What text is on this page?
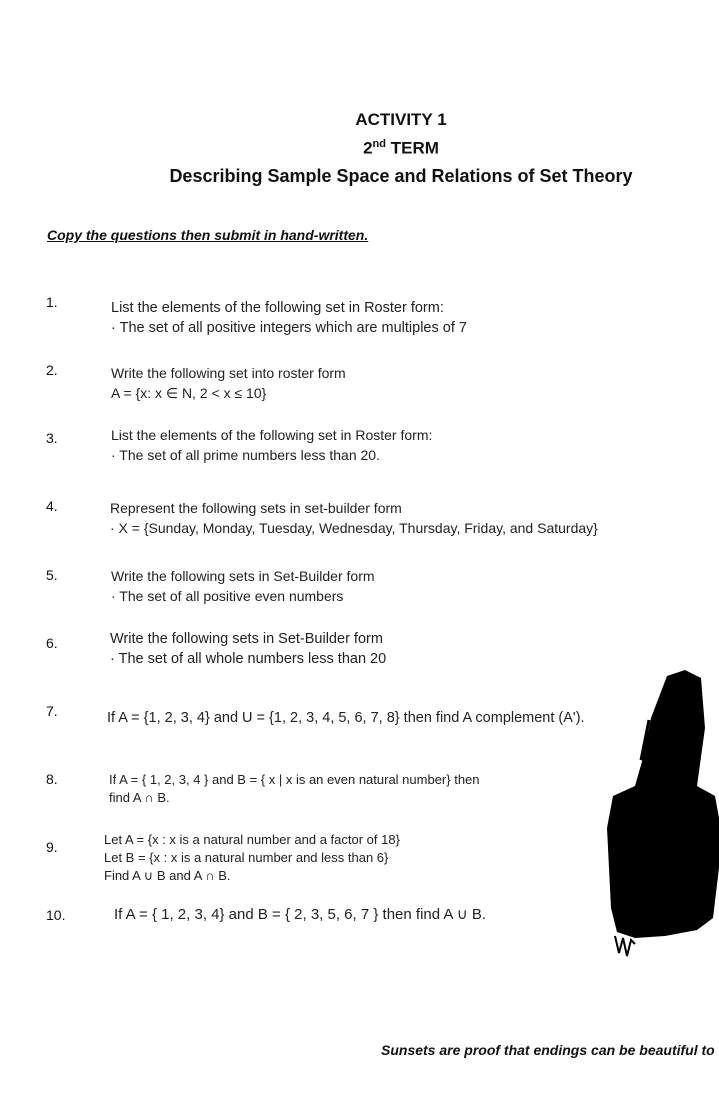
ACTIVITY 1
2nd TERM
Describing Sample Space and Relations of Set Theory
Copy the questions then submit in hand-written.
1.	List the elements of the following set in Roster form:
· The set of all positive integers which are multiples of 7
2.	Write the following set into roster form
A = {x: x ∈ N, 2 < x ≤ 10}
3.	List the elements of the following set in Roster form:
· The set of all prime numbers less than 20.
4.	Represent the following sets in set-builder form
· X = {Sunday, Monday, Tuesday, Wednesday, Thursday, Friday, and Saturday}
5.	Write the following sets in Set-Builder form
· The set of all positive even numbers
6.	Write the following sets in Set-Builder form
· The set of all whole numbers less than 20
7.	If A = {1, 2, 3, 4} and U = {1, 2, 3, 4, 5, 6, 7, 8} then find A complement (A').
8.	If A = { 1, 2, 3, 4 } and B = { x | x is an even natural number} then
find A ∩ B.
9.	Let A = {x : x is a natural number and a factor of 18}
Let B = {x : x is a natural number and less than 6}
Find A ∪ B and A ∩ B.
10.	If A = { 1, 2, 3, 4} and B = { 2, 3, 5, 6, 7 } then find A ∪ B.
Sunsets are proof that endings can be beautiful to
